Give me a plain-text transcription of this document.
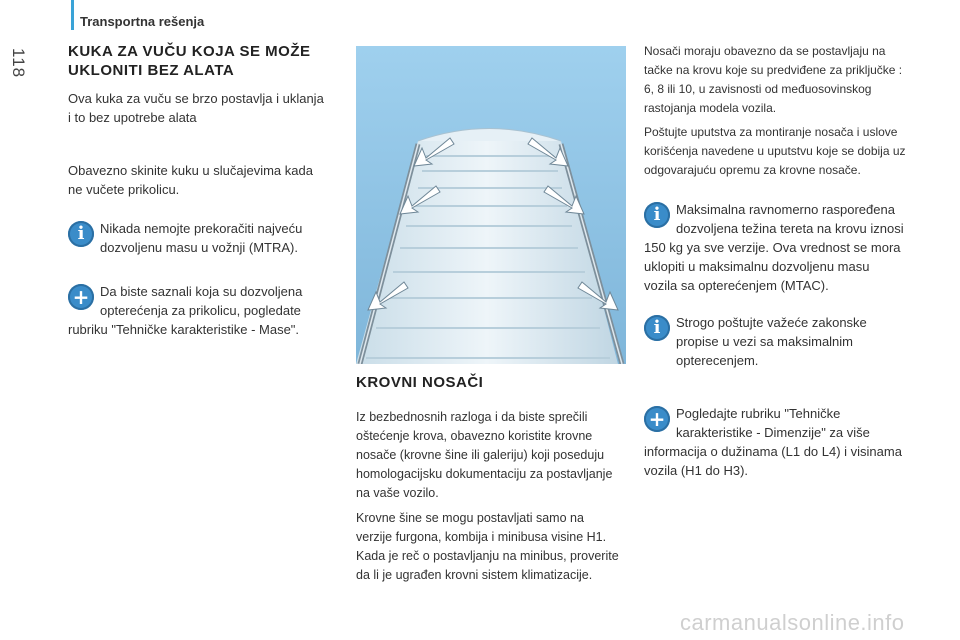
Transportna rešenja
118	KUKA ZA VUČU KOJA SE MOŽE
UKLONITI BEZ ALATA

Ova kuka za vuču se brzo postavlja i uklanja
i to bez upotrebe alata

Obavezno skinite kuku u slučajevima kada
ne vučete prikolicu.

i	Nikada nemojte prekoračiti najveću
dozvoljenu masu u vožnji (MTRA).
+ Da biste saznali koja su dozvoljena
opterećenja za prikolicu, pogledate
rubriku "Tehničke karakteristike - Mase".
KROVNI NOSAČI

Iz bezbednosnih razloga i da biste sprečili
oštećenje krova, obavezno koristite krovne
nosače (krovne šine ili galeriju) koji poseduju
homologacijsku dokumentaciju za postavljanje
na vaše vozilo.

Krovne šine se mogu postavljati samo na
verzije furgona, kombija i minibusa visine H1.
Kada je reč o postavljanju na minibus, proverite
da li je ugrađen krovni sistem klimatizacije.

Nosači moraju obavezno da se postavljaju na
tačke na krovu koje su predviđene za priključke :
6, 8 ili 10, u zavisnosti od međuosovinskog
rastojanja modela vozila.

Poštujte uputstva za montiranje nosača i uslove
korišćenja navedene u uputstvu koje se dobija uz
odgovarajuću opremu za krovne nosače.

i	Maksimalna ravnomerno raspoređena
dozvoljena težina tereta na krovu iznosi
150 kg ya sve verzije. Ova vrednost se mora
uklopiti u maksimalnu dozvoljenu masu
vozila sa opterećenjem (MTAC).
i	Strogo poštujte važeće zakonske
propise u vezi sa maksimalnim
opterecenjem.
+ Pogledajte rubriku "Tehničke
karakteristike - Dimenzije" za više
informacija o dužinama (L1 do L4) i visinama
vozila (H1 do H3).
carmanualsonline.info
